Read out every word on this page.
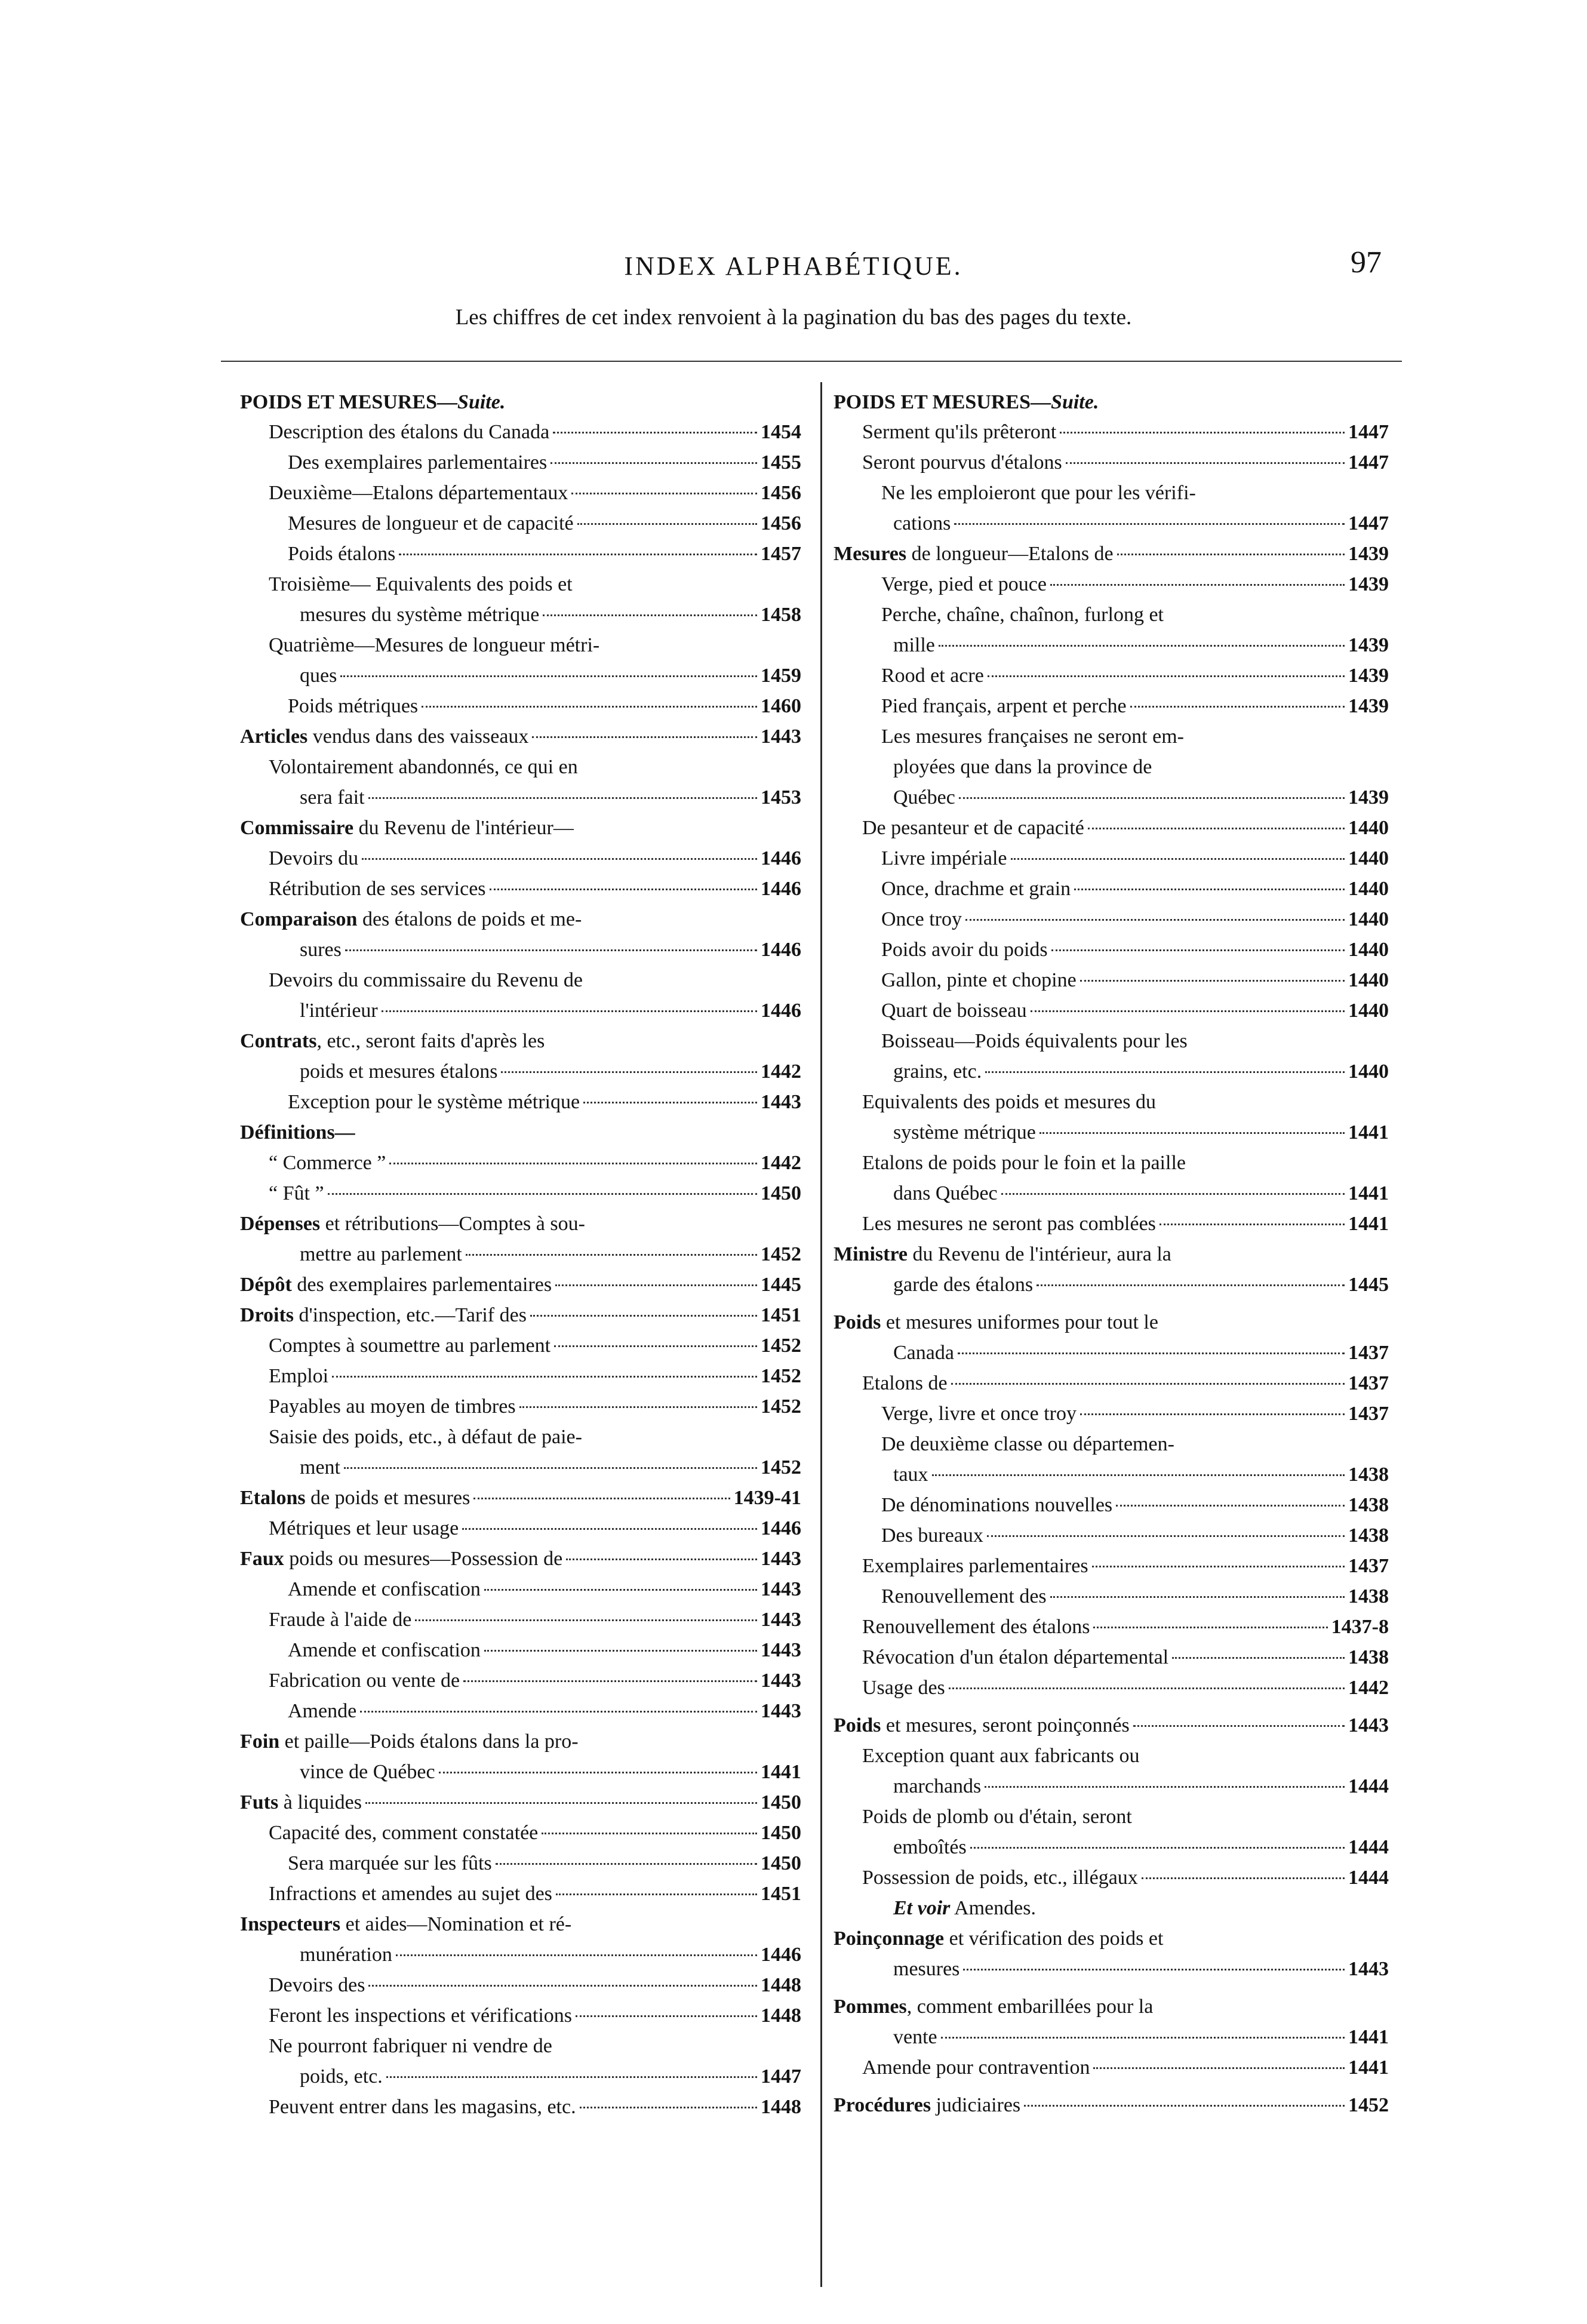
INDEX ALPHABÉTIQUE.	97
Les chiffres de cet index renvoient à la pagination du bas des pages du texte.
POIDS ET MESURES—Suite.
Description des étalons du Canada	1454
Des exemplaires parlementaires	1455
Deuxième—Etalons départementaux	1456
Mesures de longueur et de capacité	1456
Poids étalons	1457
Troisième— Equivalents des poids et
mesures du système métrique	1458
Quatrième—Mesures de longueur métri-
ques	1459
Poids métriques	1460
Articles vendus dans des vaisseaux	1443
Volontairement abandonnés, ce qui en
sera fait	1453
Commissaire du Revenu de l'intérieur—
Devoirs du	1446
Rétribution de ses services	1446
Comparaison des étalons de poids et me-
sures	1446
Devoirs du commissaire du Revenu de
l'intérieur	1446
Contrats , etc., seront faits d'après les
poids et mesures étalons	1442
Exception pour le système métrique	1443
Définitions—
“ Commerce ”	1442
“ Fût ”	1450
Dépenses et rétributions—Comptes à sou-
mettre au parlement	1452
Dépôt des exemplaires parlementaires	1445
Droits d'inspection, etc.—Tarif des	1451
Comptes à soumettre au parlement	1452
Emploi	1452
Payables au moyen de timbres	1452
Saisie des poids, etc., à défaut de paie-
ment	1452
Etalons de poids et mesures	1439-41
Métriques et leur usage	1446
Faux poids ou mesures—Possession de	1443
Amende et confiscation	1443
Fraude à l'aide de	1443
Amende et confiscation	1443
Fabrication ou vente de	1443
Amende	1443
Foin et paille—Poids étalons dans la pro-
vince de Québec	1441
Futs à liquides	1450
Capacité des, comment constatée	1450
Sera marquée sur les fûts	1450
Infractions et amendes au sujet des	1451
Inspecteurs et aides—Nomination et ré-
munération	1446
Devoirs des	1448
Feront les inspections et vérifications	1448
Ne pourront fabriquer ni vendre de
poids, etc.	1447
Peuvent entrer dans les magasins, etc.	1448
POIDS ET MESURES—Suite.
Serment qu'ils prêteront	1447
Seront pourvus d'étalons	1447
Ne les emploieront que pour les vérifi-
cations	1447
Mesures de longueur—Etalons de	1439
Verge, pied et pouce	1439
Perche, chaîne, chaînon, furlong et
mille	1439
Rood et acre	1439
Pied français, arpent et perche	1439
Les mesures françaises ne seront em-
ployées que dans la province de
Québec	1439
De pesanteur et de capacité	1440
Livre impériale	1440
Once, drachme et grain	1440
Once troy	1440
Poids avoir du poids	1440
Gallon, pinte et chopine	1440
Quart de boisseau	1440
Boisseau—Poids équivalents pour les
grains, etc.	1440
Equivalents des poids et mesures du
système métrique	1441
Etalons de poids pour le foin et la paille
dans Québec	1441
Les mesures ne seront pas comblées	1441
Ministre du Revenu de l'intérieur, aura la
garde des étalons	1445
Poids et mesures uniformes pour tout le
Canada	1437
Etalons de	1437
Verge, livre et once troy	1437
De deuxième classe ou départemen-
taux	1438
De dénominations nouvelles	1438
Des bureaux	1438
Exemplaires parlementaires	1437
Renouvellement des	1438
Renouvellement des étalons	1437-8
Révocation d'un étalon départemental	1438
Usage des	1442
Poids et mesures, seront poinçonnés	1443
Exception quant aux fabricants ou
marchands	1444
Poids de plomb ou d'étain, seront
emboîtés	1444
Possession de poids, etc., illégaux	1444
Et voir Amendes.
Poinçonnage et vérification des poids et
mesures	1443
Pommes , comment embarillées pour la
vente	1441
Amende pour contravention	1441
Procédures judiciaires	1452
